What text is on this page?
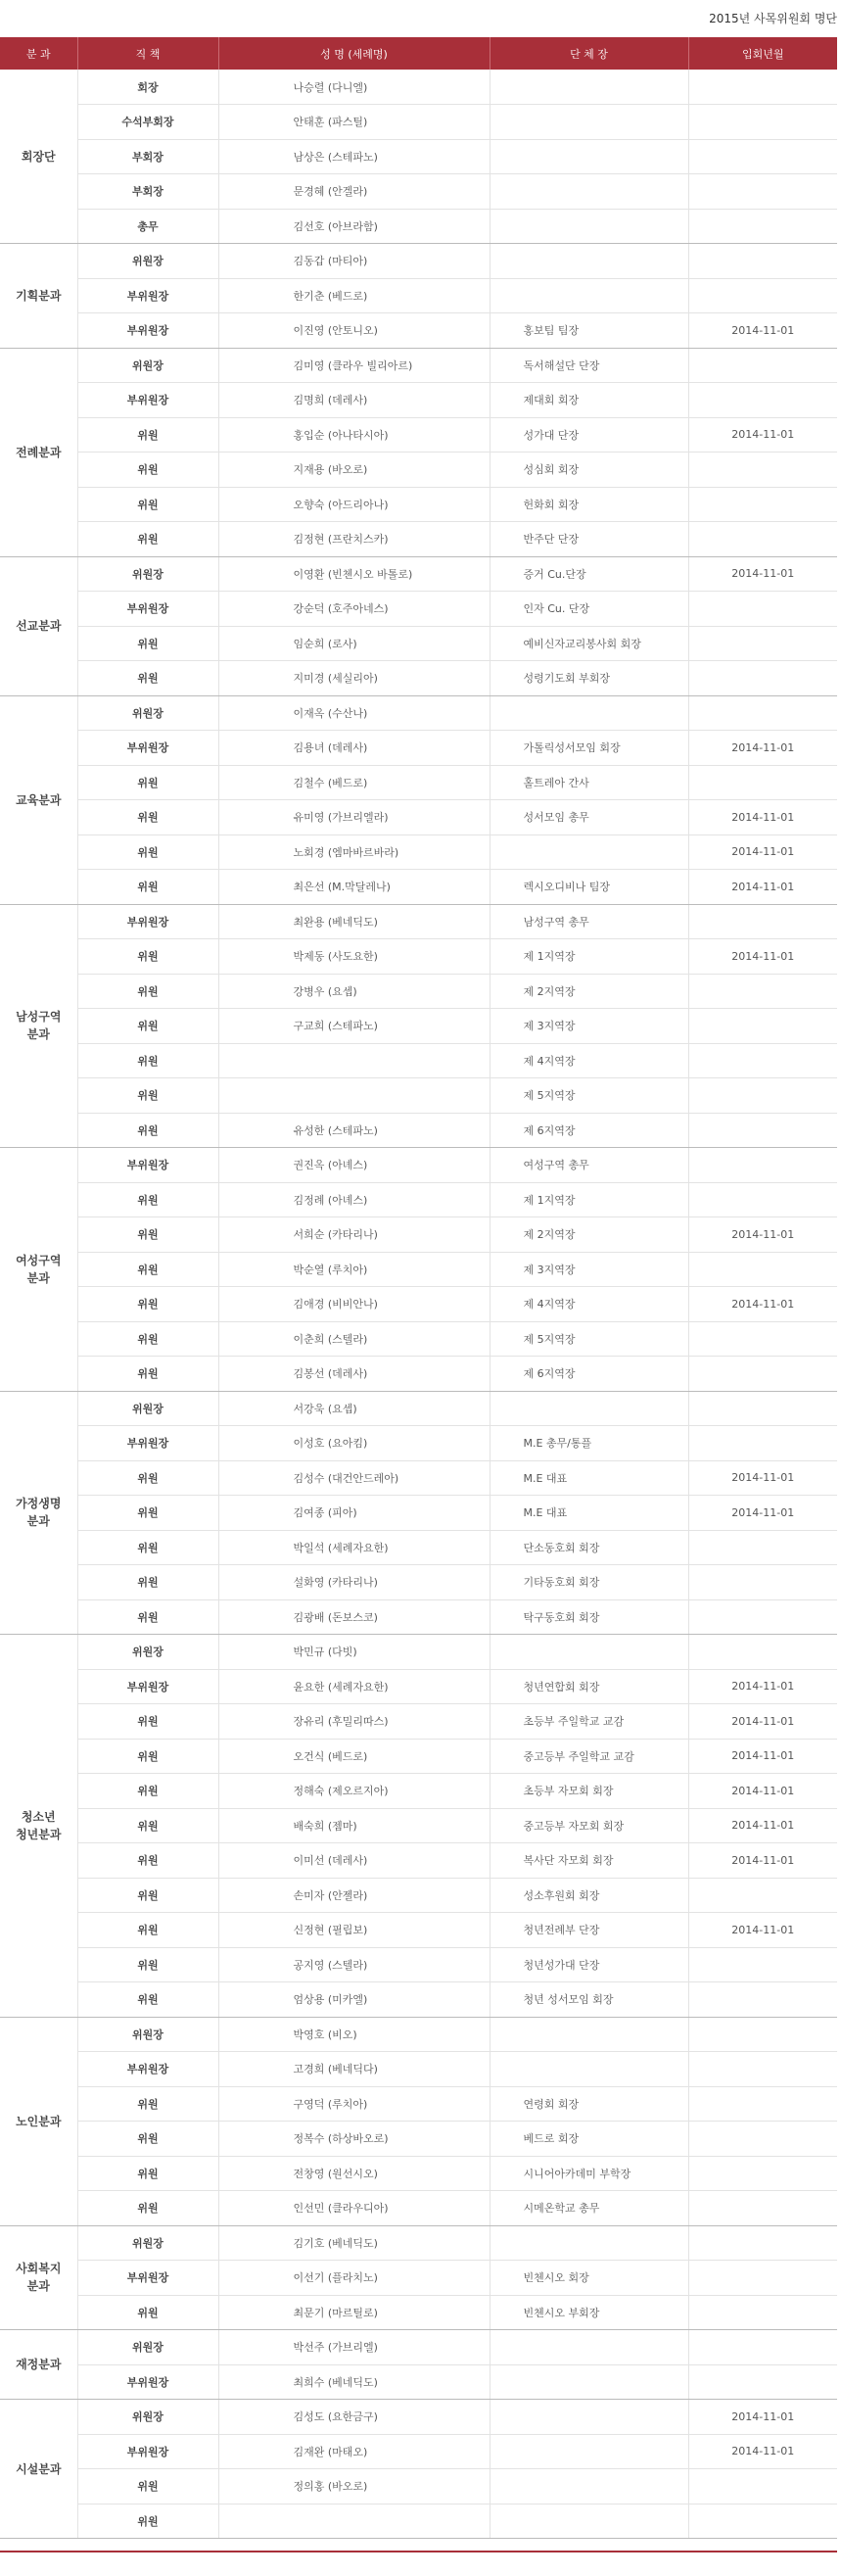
2015년 사목위원회 명단
분 과	직 책	성 명 (세례명)	단 체 장	입회년월
회장단	회장	나승렬 (다니엘)		
	수석부회장	안태훈 (파스틸)		
	부회장	남상은 (스테파노)		
	부회장	문경혜 (안겔라)		
	총무	김선호 (아브라함)		
기획분과	위원장	김동갑 (마티아)		
	부위원장	한기춘 (베드로)		
	부위원장	이진영 (안토니오)	홍보팀 팀장	2014-11-01
전례분과	위원장	김미영 (클라우 빌리아르)	독서해설단 단장	
	부위원장	김명희 (데레사)	제대회 회장	
	위원	홍입순 (아나타시아)	성가대 단장	2014-11-01
	위원	지재용 (바오로)	성심회 회장	
	위원	오향숙 (아드리아나)	헌화회 회장	
	위원	김정현 (프란치스카)	반주단 단장	
선교분과	위원장	이영환 (빈첸시오 바톨로)	증거 Cu.단장	2014-11-01
	부위원장	강순덕 (호주아네스)	인자 Cu. 단장	
	위원	임순희 (로사)	예비신자교리봉사회 회장	
	위원	지미경 (세실리아)	성령기도회 부회장	
교육분과	위원장	이재옥 (수산나)		
	부위원장	김용녀 (데레사)	가톨릭성서모임 회장	2014-11-01
	위원	김철수 (베드로)	홀트레아 간사	
	위원	유미영 (가브리엘라)	성서모임 총무	2014-11-01
	위원	노회경 (엠마바르바라)		2014-11-01
	위원	최은선 (M.막달레나)	렉시오디비나 팀장	2014-11-01
남성구역
분과	부위원장	최완용 (베네딕도)	남성구역 총무	
	위원	박제동 (사도요한)	제 1지역장	2014-11-01
	위원	강병우 (요셉)	제 2지역장	
	위원	구교희 (스테파노)	제 3지역장	
	위원		제 4지역장	
	위원		제 5지역장	
	위원	유성한 (스테파노)	제 6지역장	
여성구역
분과	부위원장	권진옥 (아녜스)	여성구역 총무	
	위원	김정례 (아녜스)	제 1지역장	
	위원	서희순 (카타리나)	제 2지역장	2014-11-01
	위원	박순열 (루치아)	제 3지역장	
	위원	김애경 (비비안나)	제 4지역장	2014-11-01
	위원	이춘희 (스텔라)	제 5지역장	
	위원	김봉선 (데레사)	제 6지역장	
가정생명
분과	위원장	서강욱 (요셉)		
	부위원장	이성호 (요아킴)	M.E 총무/통플	
	위원	김성수 (대건안드레아)	M.E 대표	2014-11-01
	위원	김여종 (피아)	M.E 대표	2014-11-01
	위원	박일석 (세례자요한)	단소동호회 회장	
	위원	설화영 (카타리나)	기타동호회 회장	
	위원	김광배 (돈보스코)	탁구동호회 회장	
청소년
청년분과	위원장	박민규 (다빗)		
	부위원장	윤요한 (세례자요한)	청년연합회 회장	2014-11-01
	위원	장유리 (후밀리따스)	초등부 주일학교 교감	2014-11-01
	위원	오건식 (베드로)	중고등부 주일학교 교감	2014-11-01
	위원	정해숙 (제오르지아)	초등부 자모회 회장	2014-11-01
	위원	배숙희 (젬마)	중고등부 자모회 회장	2014-11-01
	위원	이미선 (데레사)	복사단 자모회 회장	2014-11-01
	위원	손미자 (안젤라)	성소후원회 회장	
	위원	신정현 (필립보)	청년전례부 단장	2014-11-01
	위원	공지영 (스텔라)	청년성가대 단장	
	위원	엄상용 (미카엘)	청년 성서모임 회장	
노인분과	위원장	박영호 (비오)		
	부위원장	고경희 (베네딕다)		
	위원	구영덕 (루치아)	연령회 회장	
	위원	정복수 (하상바오로)	베드로 회장	
	위원	전창영 (원선시오)	시니어아카데미 부학장	
	위원	인선민 (클라우디아)	시메온학교 총무	
사회복지
분과	위원장	김기호 (베네딕도)		
	부위원장	이선기 (플라치노)	빈첸시오 회장	
	위원	최문기 (마르틸로)	빈첸시오 부회장	
재정분과	위원장	박선주 (가브리엘)		
	부위원장	최희수 (베네딕도)		
시설분과	위원장	김성도 (요한금구)		2014-11-01
	부위원장	김재완 (마태오)		2014-11-01
	위원	정의홍 (바오로)		
	위원			
